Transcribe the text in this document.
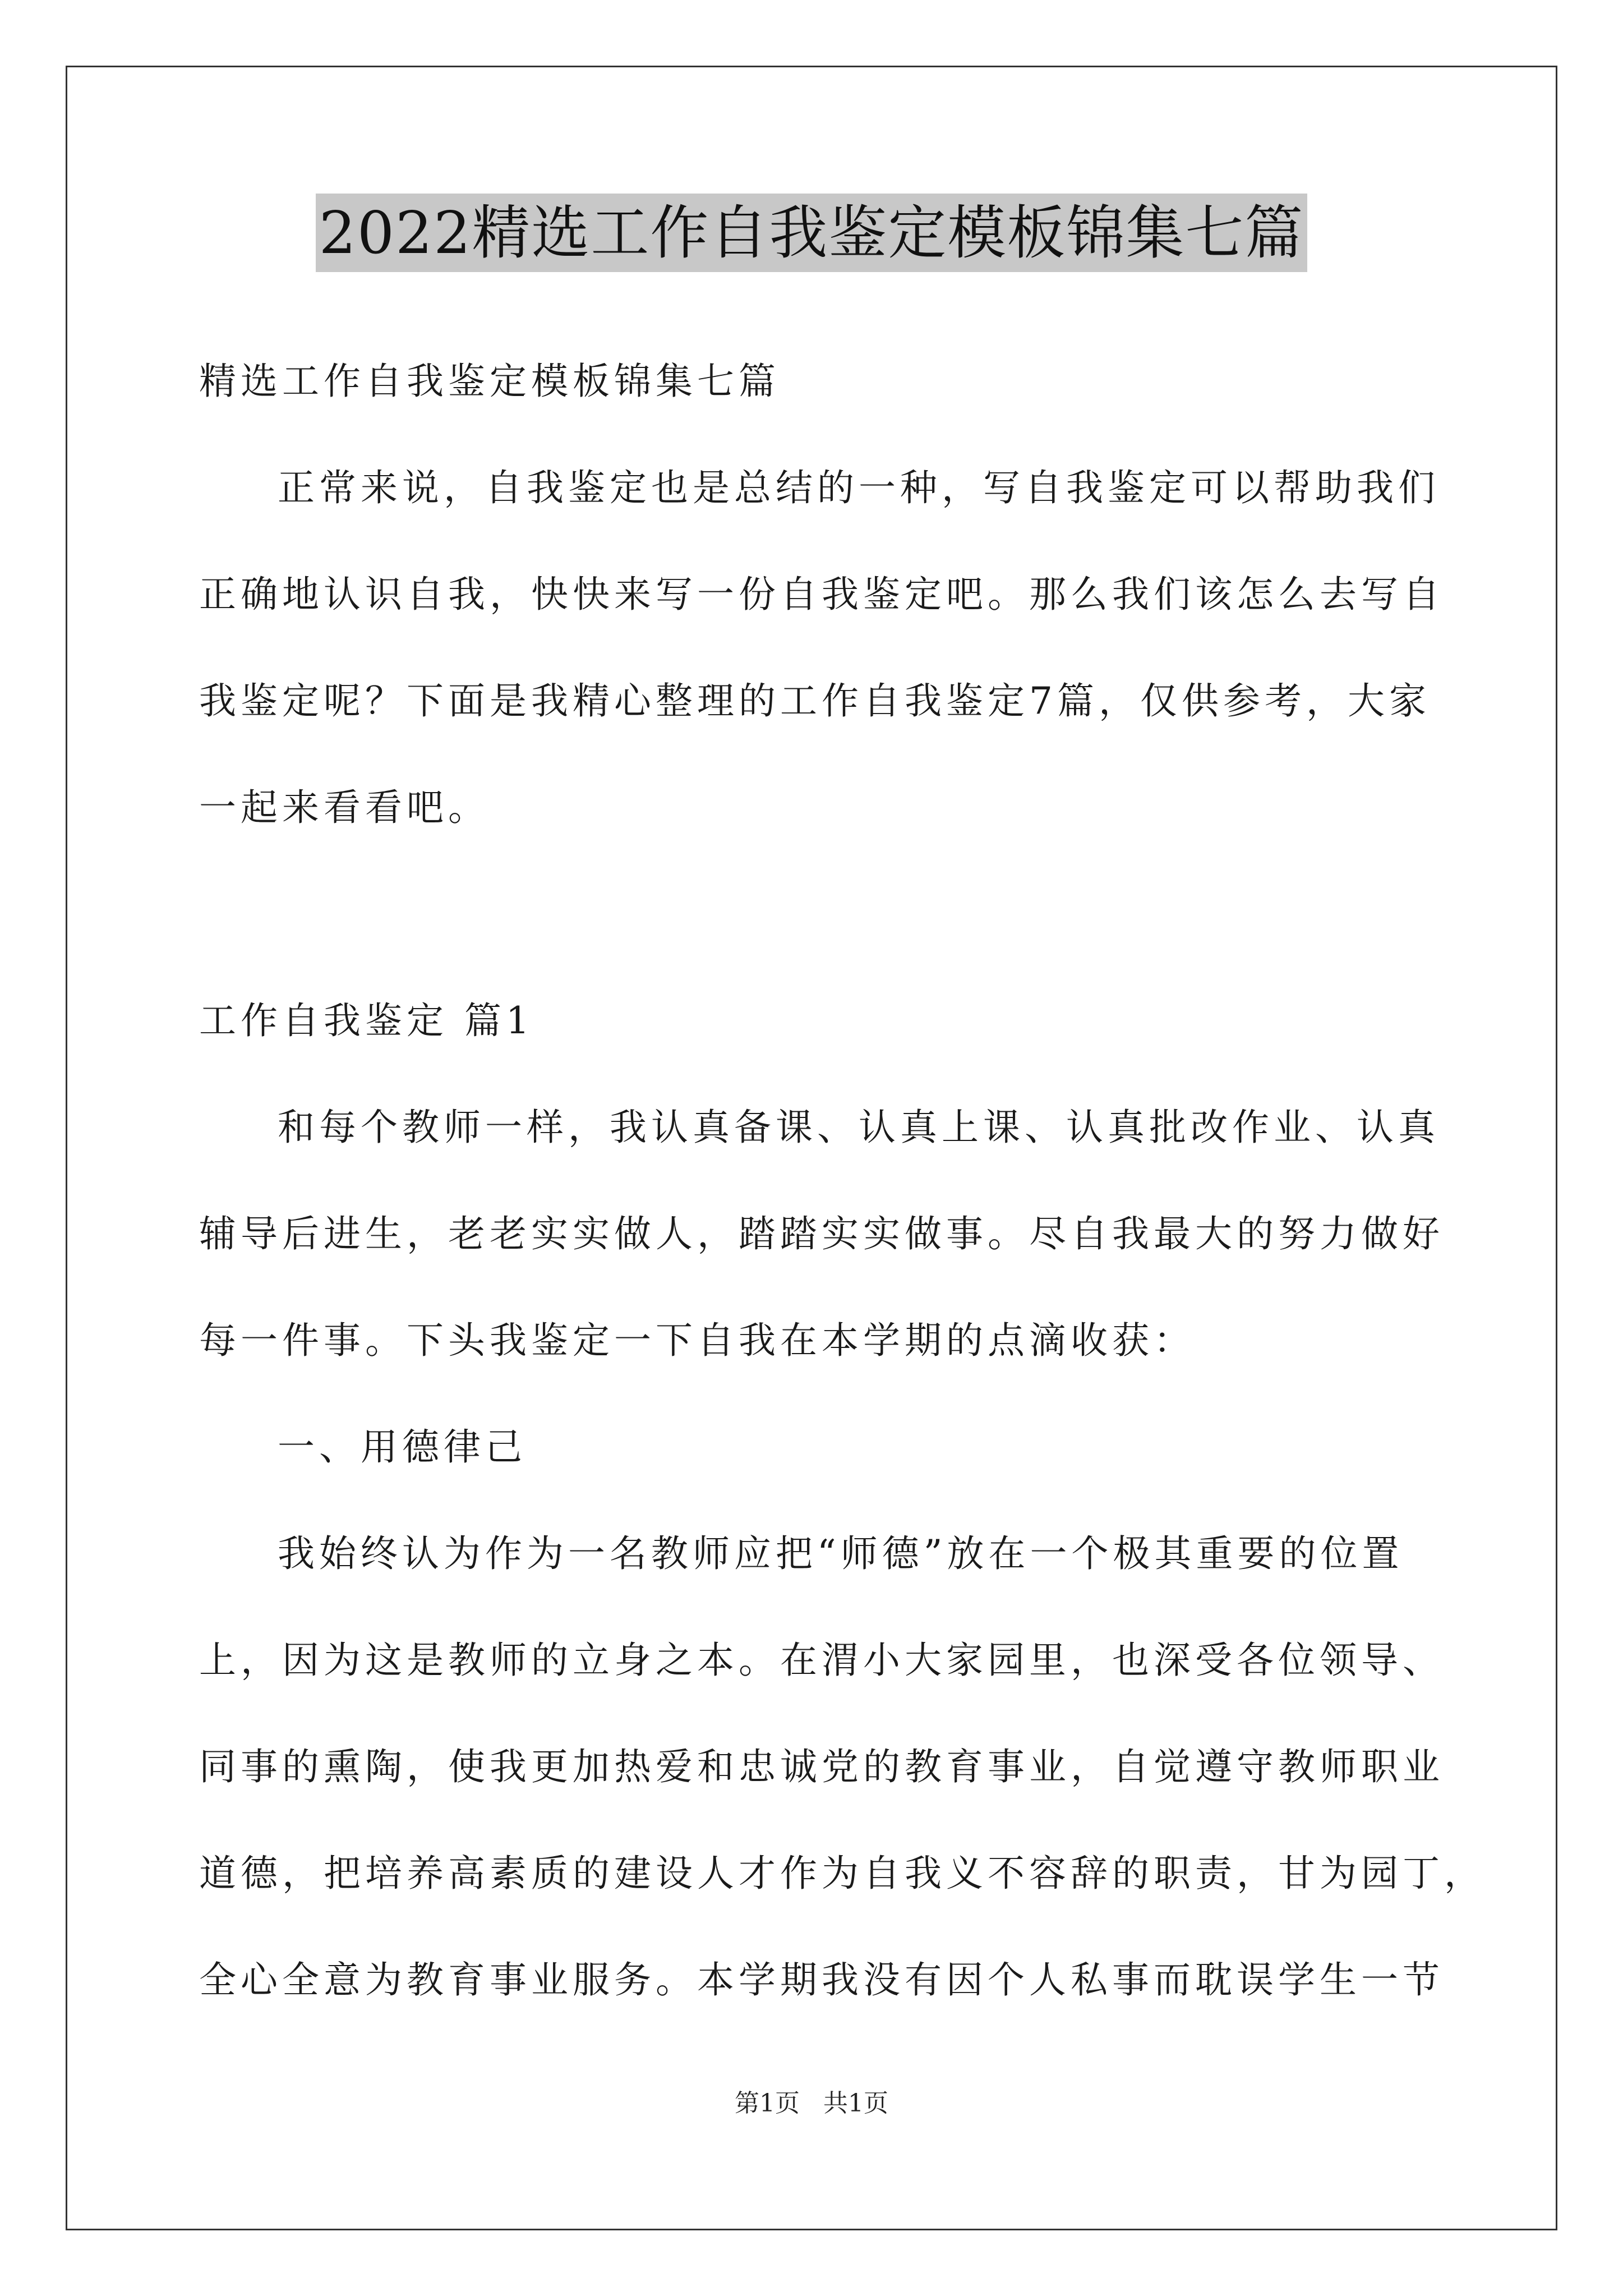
2022精选工作自我鉴定模板锦集七篇
精选工作自我鉴定模板锦集七篇
正常来说，自我鉴定也是总结的一种，写自我鉴定可以帮助我们
正确地认识自我，快快来写一份自我鉴定吧。那么我们该怎么去写自
我鉴定呢？下面是我精心整理的工作自我鉴定7篇，仅供参考，大家
一起来看看吧。
工作自我鉴定 篇1
和每个教师一样，我认真备课、认真上课、认真批改作业、认真
辅导后进生，老老实实做人，踏踏实实做事。尽自我最大的努力做好
每一件事。下头我鉴定一下自我在本学期的点滴收获：
一、用德律己
我始终认为作为一名教师应把“师德”放在一个极其重要的位置
上，因为这是教师的立身之本。在渭小大家园里，也深受各位领导、
同事的熏陶，使我更加热爱和忠诚党的教育事业，自觉遵守教师职业
道德，把培养高素质的建设人才作为自我义不容辞的职责，甘为园丁，
全心全意为教育事业服务。本学期我没有因个人私事而耽误学生一节
第1页 共1页
